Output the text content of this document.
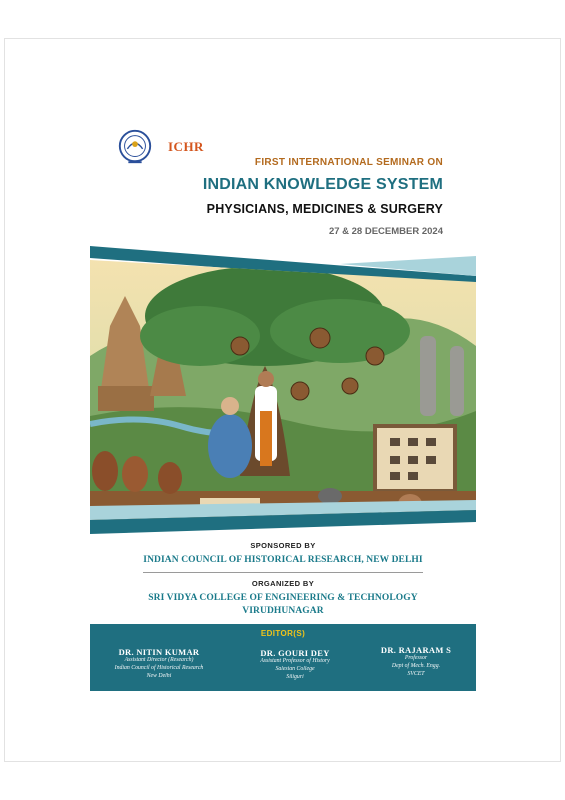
ICHR
FIRST INTERNATIONAL SEMINAR ON
INDIAN KNOWLEDGE SYSTEM
PHYSICIANS, MEDICINES & SURGERY
27 & 28 DECEMBER 2024
SPONSORED BY
INDIAN COUNCIL OF HISTORICAL RESEARCH, NEW DELHI
ORGANIZED BY
SRI VIDYA COLLEGE OF ENGINEERING & TECHNOLOGY
VIRUDHUNAGAR
EDITOR(S)
DR. NITIN KUMAR
Assistant Director (Research)
Indian Council of Historical Research
New Delhi
DR. GOURI DEY
Assistant Professor of History
Salesian College
Siliguri
DR. RAJARAM S
Professor
Dept of Mech. Engg.
SVCET
